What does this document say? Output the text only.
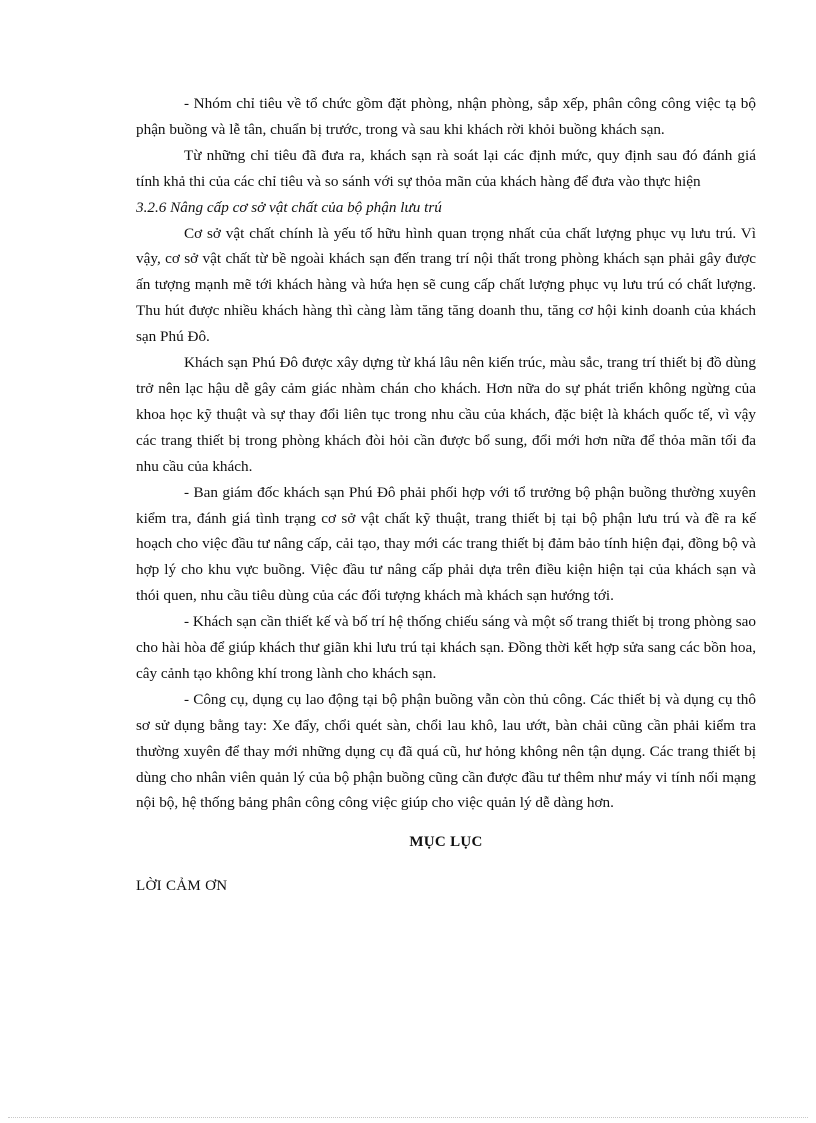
- Nhóm chỉ tiêu về tổ chức gồm đặt phòng, nhận phòng, sắp xếp, phân công công việc tạ bộ phận buồng và lễ tân, chuẩn bị trước, trong và sau khi khách rời khỏi buồng khách sạn.

Từ những chỉ tiêu đã đưa ra, khách sạn rà soát lại các định mức, quy định sau đó đánh giá tính khả thi của các chỉ tiêu và so sánh với sự thỏa mãn của khách hàng để đưa vào thực hiện

3.2.6 Nâng cấp cơ sở vật chất của bộ phận lưu trú

Cơ sở vật chất chính là yếu tố hữu hình quan trọng nhất của chất lượng phục vụ lưu trú. Vì vậy, cơ sở vật chất từ bề ngoài khách sạn đến trang trí nội thất trong phòng khách sạn phải gây được ấn tượng mạnh mẽ tới khách hàng và hứa hẹn sẽ cung cấp chất lượng phục vụ lưu trú có chất lượng. Thu hút được nhiều khách hàng thì càng làm tăng tăng doanh thu, tăng cơ hội kinh doanh của khách sạn Phú Đô.

Khách sạn Phú Đô được xây dựng từ khá lâu nên kiến trúc, màu sắc, trang trí thiết bị đồ dùng trở nên lạc hậu dễ gây cảm giác nhàm chán cho khách. Hơn nữa do sự phát triển không ngừng của khoa học kỹ thuật và sự thay đổi liên tục trong nhu cầu của khách, đặc biệt là khách quốc tế, vì vậy các trang thiết bị trong phòng khách đòi hỏi cần được bổ sung, đổi mới hơn nữa để thỏa mãn tối đa nhu cầu của khách.

- Ban giám đốc khách sạn Phú Đô phải phối hợp với tổ trưởng bộ phận buồng thường xuyên kiểm tra, đánh giá tình trạng cơ sở vật chất kỹ thuật, trang thiết bị tại bộ phận lưu trú và đề ra kế hoạch cho việc đầu tư nâng cấp, cải tạo, thay mới các trang thiết bị đảm bảo tính hiện đại, đồng bộ và hợp lý cho khu vực buồng. Việc đầu tư nâng cấp phải dựa trên điều kiện hiện tại của khách sạn và thói quen, nhu cầu tiêu dùng của các đối tượng khách mà khách sạn hướng tới.

- Khách sạn cần thiết kế và bố trí hệ thống chiếu sáng và một số trang thiết bị trong phòng sao cho hài hòa để giúp khách thư giãn khi lưu trú tại khách sạn. Đồng thời kết hợp sửa sang các bồn hoa, cây cảnh tạo không khí trong lành cho khách sạn.

- Công cụ, dụng cụ lao động tại bộ phận buồng vẫn còn thủ công. Các thiết bị và dụng cụ thô sơ sử dụng bằng tay: Xe đẩy, chổi quét sàn, chổi lau khô, lau ướt, bàn chải cũng cần phải kiểm tra thường xuyên để thay mới những dụng cụ đã quá cũ, hư hỏng không nên tận dụng. Các trang thiết bị dùng cho nhân viên quản lý của bộ phận buồng cũng cần được đầu tư thêm như máy vi tính nối mạng nội bộ, hệ thống bảng phân công công việc giúp cho việc quản lý dễ dàng hơn.

MỤC LỤC

LỜI CẢM ƠN
